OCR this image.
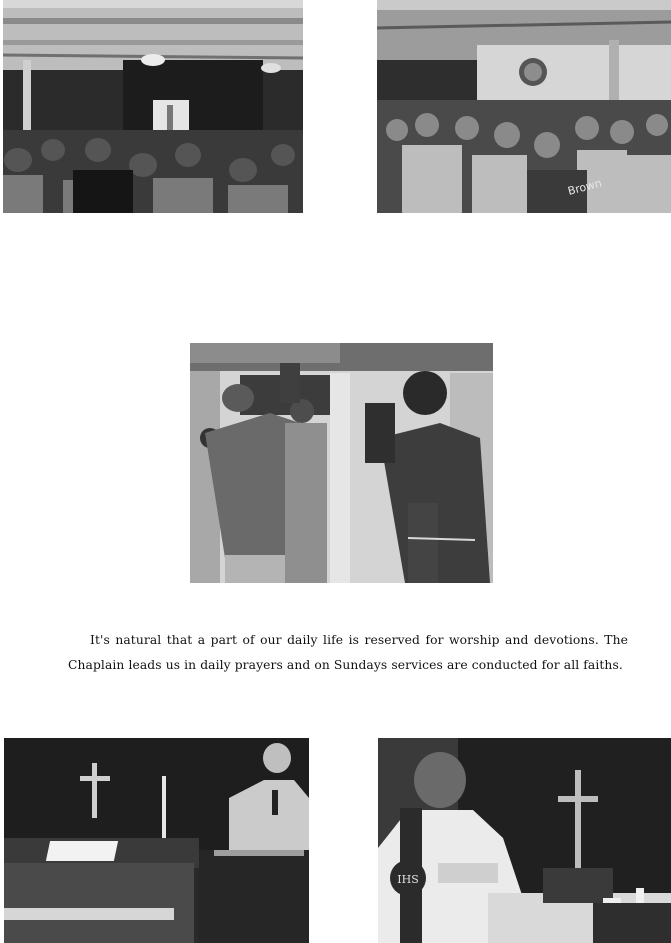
Brown

It's natural that a part of our daily life is reserved for worship and devotions. The Chaplain leads us in daily prayers and on Sundays services are conducted for all faiths.

IHS
